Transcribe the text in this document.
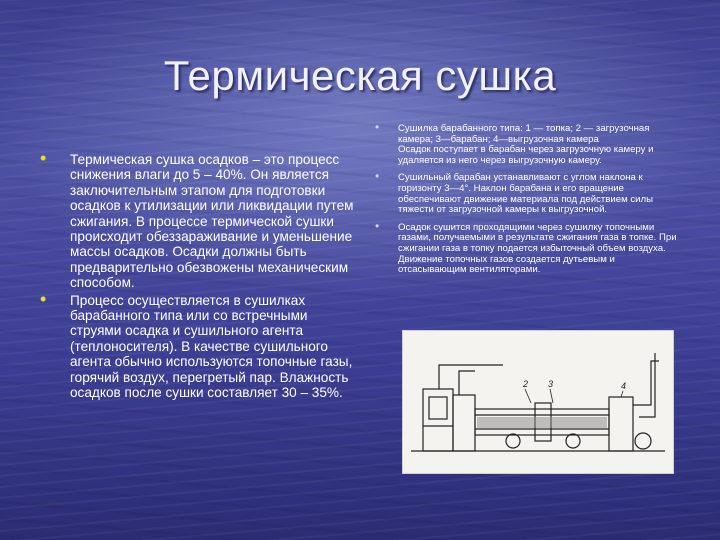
Термическая сушка
• Термическая сушка осадков – это процесс снижения влаги до 5 – 40%. Он является заключительным этапом для подготовки осадков к утилизации или ликвидации путем сжигания. В процессе термической сушки происходит обеззараживание и уменьшение массы осадков. Осадки должны быть предварительно обезвожены механическим способом.
• Процесс осуществляется в сушилках барабанного типа или со встречными струями осадка и сушильного агента (теплоносителя). В качестве сушильного агента обычно используются топочные газы, горячий воздух, перегретый пар. Влажность осадков после сушки составляет 30 – 35%.
• Сушилка барабанного типа: 1 — топка; 2 — загрузочная камера; 3—барабан; 4—выгрузочная камера
Осадок поступает в барабан через загрузочную камеру и удаляется из него через выгрузочную камеру.
• Сушильный барабан устанавливают с углом наклона к горизонту 3—4°. Наклон барабана и его вращение обеспечивают движение материала под действием силы тяжести от загрузочной камеры к выгрузочной.
• Осадок сушится проходящими через сушилку топочными газами, получаемыми в результате сжигания газа в топке. При сжигании газа в топку подается избыточный объем воздуха. Движение топочных газов создается дутьевым и отсасывающим вентиляторами.
2 3	4
